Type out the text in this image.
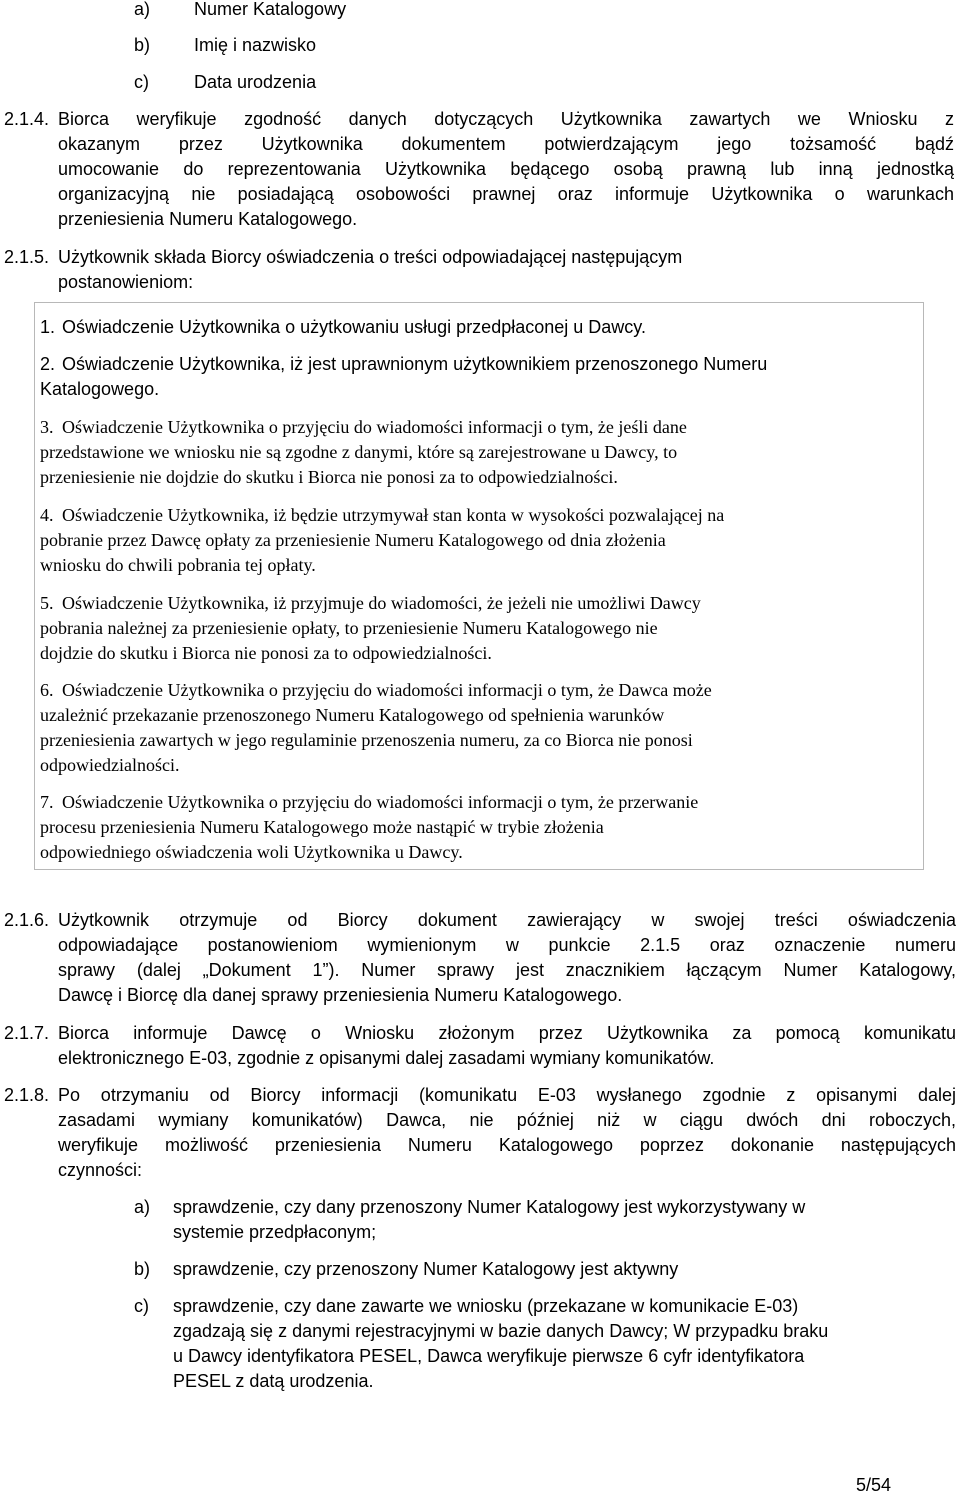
a) Numer Katalogowy
b) Imię i nazwisko
c)	Data urodzenia
2.1.4. Biorca weryfikuje zgodność danych dotyczących Użytkownika zawartych we Wniosku z
okazanym przez Użytkownika dokumentem potwierdzającym jego tożsamość bądź
umocowanie do reprezentowania Użytkownika będącego osobą prawną lub inną jednostką
organizacyjną nie posiadającą osobowości prawnej oraz informuje Użytkownika o warunkach
przeniesienia Numeru Katalogowego.
2.1.5. Użytkownik składa Biorcy oświadczenia o treści odpowiadającej następującym
postanowieniom:
1. Oświadczenie Użytkownika o użytkowaniu usługi przedpłaconej u Dawcy.
2. Oświadczenie Użytkownika, iż jest uprawnionym użytkownikiem przenoszonego Numeru
Katalogowego.
3. Oświadczenie Użytkownika o przyjęciu do wiadomości informacji o tym, że jeśli dane
przedstawione we wniosku nie są zgodne z danymi, które są zarejestrowane u Dawcy, to
przeniesienie nie dojdzie do skutku i Biorca nie ponosi za to odpowiedzialności.
4. Oświadczenie Użytkownika, iż będzie utrzymywał stan konta w wysokości pozwalającej na
pobranie przez Dawcę opłaty za przeniesienie Numeru Katalogowego od dnia złożenia
wniosku do chwili pobrania tej opłaty.
5. Oświadczenie Użytkownika, iż przyjmuje do wiadomości, że jeżeli nie umożliwi Dawcy
pobrania należnej za przeniesienie opłaty, to przeniesienie Numeru Katalogowego nie
dojdzie do skutku i Biorca nie ponosi za to odpowiedzialności.
6. Oświadczenie Użytkownika o przyjęciu do wiadomości informacji o tym, że Dawca może
uzależnić przekazanie przenoszonego Numeru Katalogowego od spełnienia warunków
przeniesienia zawartych w jego regulaminie przenoszenia numeru, za co Biorca nie ponosi
odpowiedzialności.
7. Oświadczenie Użytkownika o przyjęciu do wiadomości informacji o tym, że przerwanie
procesu przeniesienia Numeru Katalogowego może nastąpić w trybie złożenia
odpowiedniego oświadczenia woli Użytkownika u Dawcy.
2.1.6. Użytkownik otrzymuje od Biorcy dokument zawierający w swojej treści oświadczenia
odpowiadające postanowieniom wymienionym w punkcie 2.1.5 oraz oznaczenie numeru
sprawy (dalej „Dokument 1”). Numer sprawy jest znacznikiem łączącym Numer Katalogowy,
Dawcę i Biorcę dla danej sprawy przeniesienia Numeru Katalogowego.
2.1.7. Biorca informuje Dawcę o Wniosku złożonym przez Użytkownika za pomocą komunikatu
elektronicznego E-03, zgodnie z opisanymi dalej zasadami wymiany komunikatów.
2.1.8. Po otrzymaniu od Biorcy informacji (komunikatu E-03 wysłanego zgodnie z opisanymi dalej
zasadami wymiany komunikatów) Dawca, nie później niż w ciągu dwóch dni roboczych,
weryfikuje możliwość przeniesienia Numeru Katalogowego poprzez dokonanie następujących
czynności:
a) sprawdzenie, czy dany przenoszony Numer Katalogowy jest wykorzystywany w
systemie przedpłaconym;
b) sprawdzenie, czy przenoszony Numer Katalogowy jest aktywny
c) sprawdzenie, czy dane zawarte we wniosku (przekazane w komunikacie E-03)
zgadzają się z danymi rejestracyjnymi w bazie danych Dawcy; W przypadku braku
u Dawcy identyfikatora PESEL, Dawca weryfikuje pierwsze 6 cyfr identyfikatora
PESEL z datą urodzenia.
5/54
